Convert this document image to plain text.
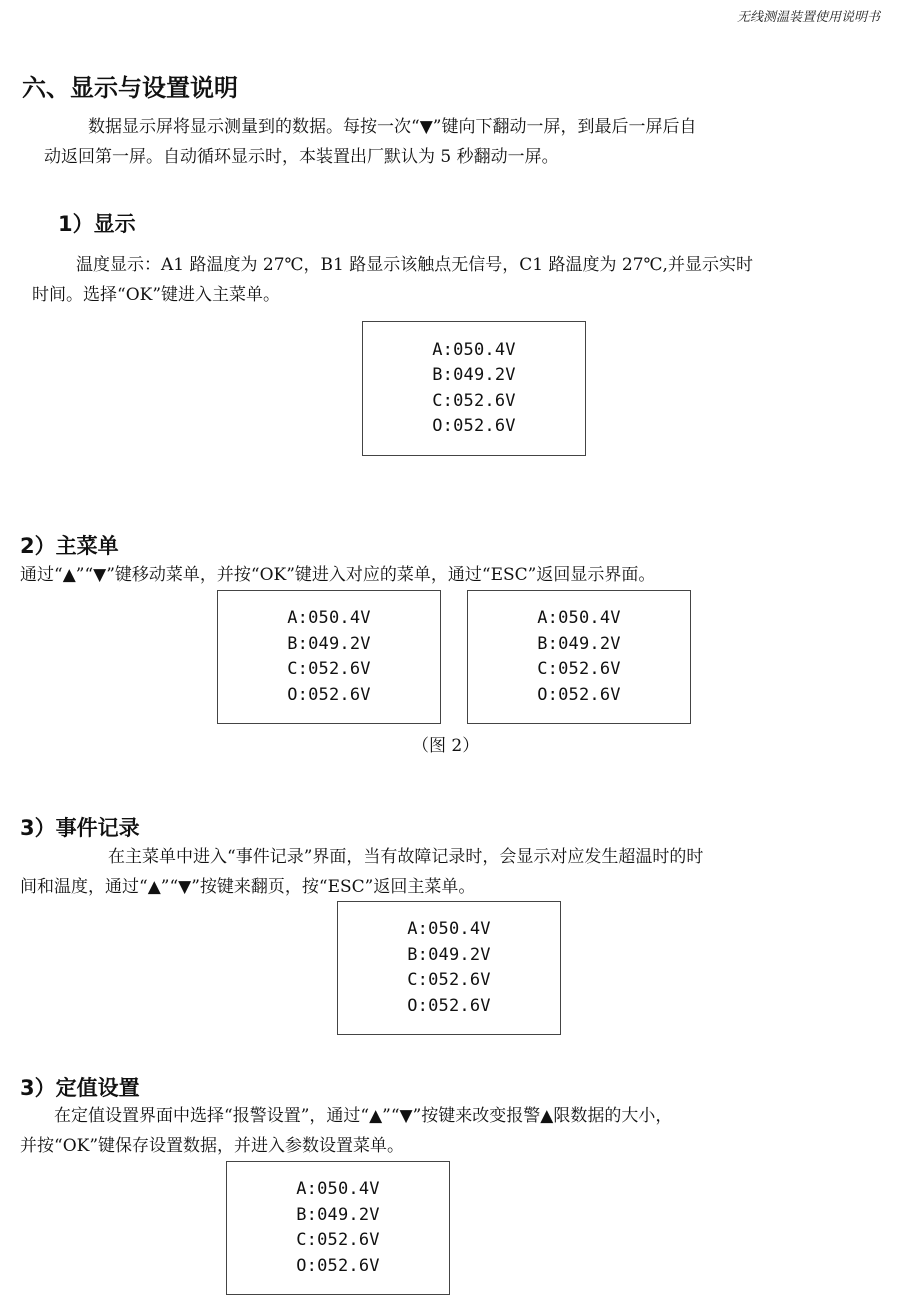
无线测温装置使用说明书
六、显示与设置说明
数据显示屏将显示测量到的数据。每按一次“▼”键向下翻动一屏，到最后一屏后自
动返回第一屏。自动循环显示时，本装置出厂默认为 5 秒翻动一屏。
1）显示
温度显示：A1 路温度为 27℃，B1 路显示该触点无信号，C1 路温度为 27℃,并显示实时
时间。选择“OK”键进入主菜单。
A:050.4V
B:049.2V
C:052.6V
O:052.6V
2）主菜单
通过“▲”“▼”键移动菜单，并按“OK”键进入对应的菜单，通过“ESC”返回显示界面。
A:050.4V
B:049.2V
C:052.6V
O:052.6V
A:050.4V
B:049.2V
C:052.6V
O:052.6V
（图 2）
3）事件记录
在主菜单中进入“事件记录”界面，当有故障记录时，会显示对应发生超温时的时
间和温度，通过“▲”“▼”按键来翻页，按“ESC”返回主菜单。
A:050.4V
B:049.2V
C:052.6V
O:052.6V
3）定值设置
在定值设置界面中选择“报警设置”，通过“▲”“▼”按键来改变报警▲限数据的大小，
并按“OK”键保存设置数据，并进入参数设置菜单。
A:050.4V
B:049.2V
C:052.6V
O:052.6V
